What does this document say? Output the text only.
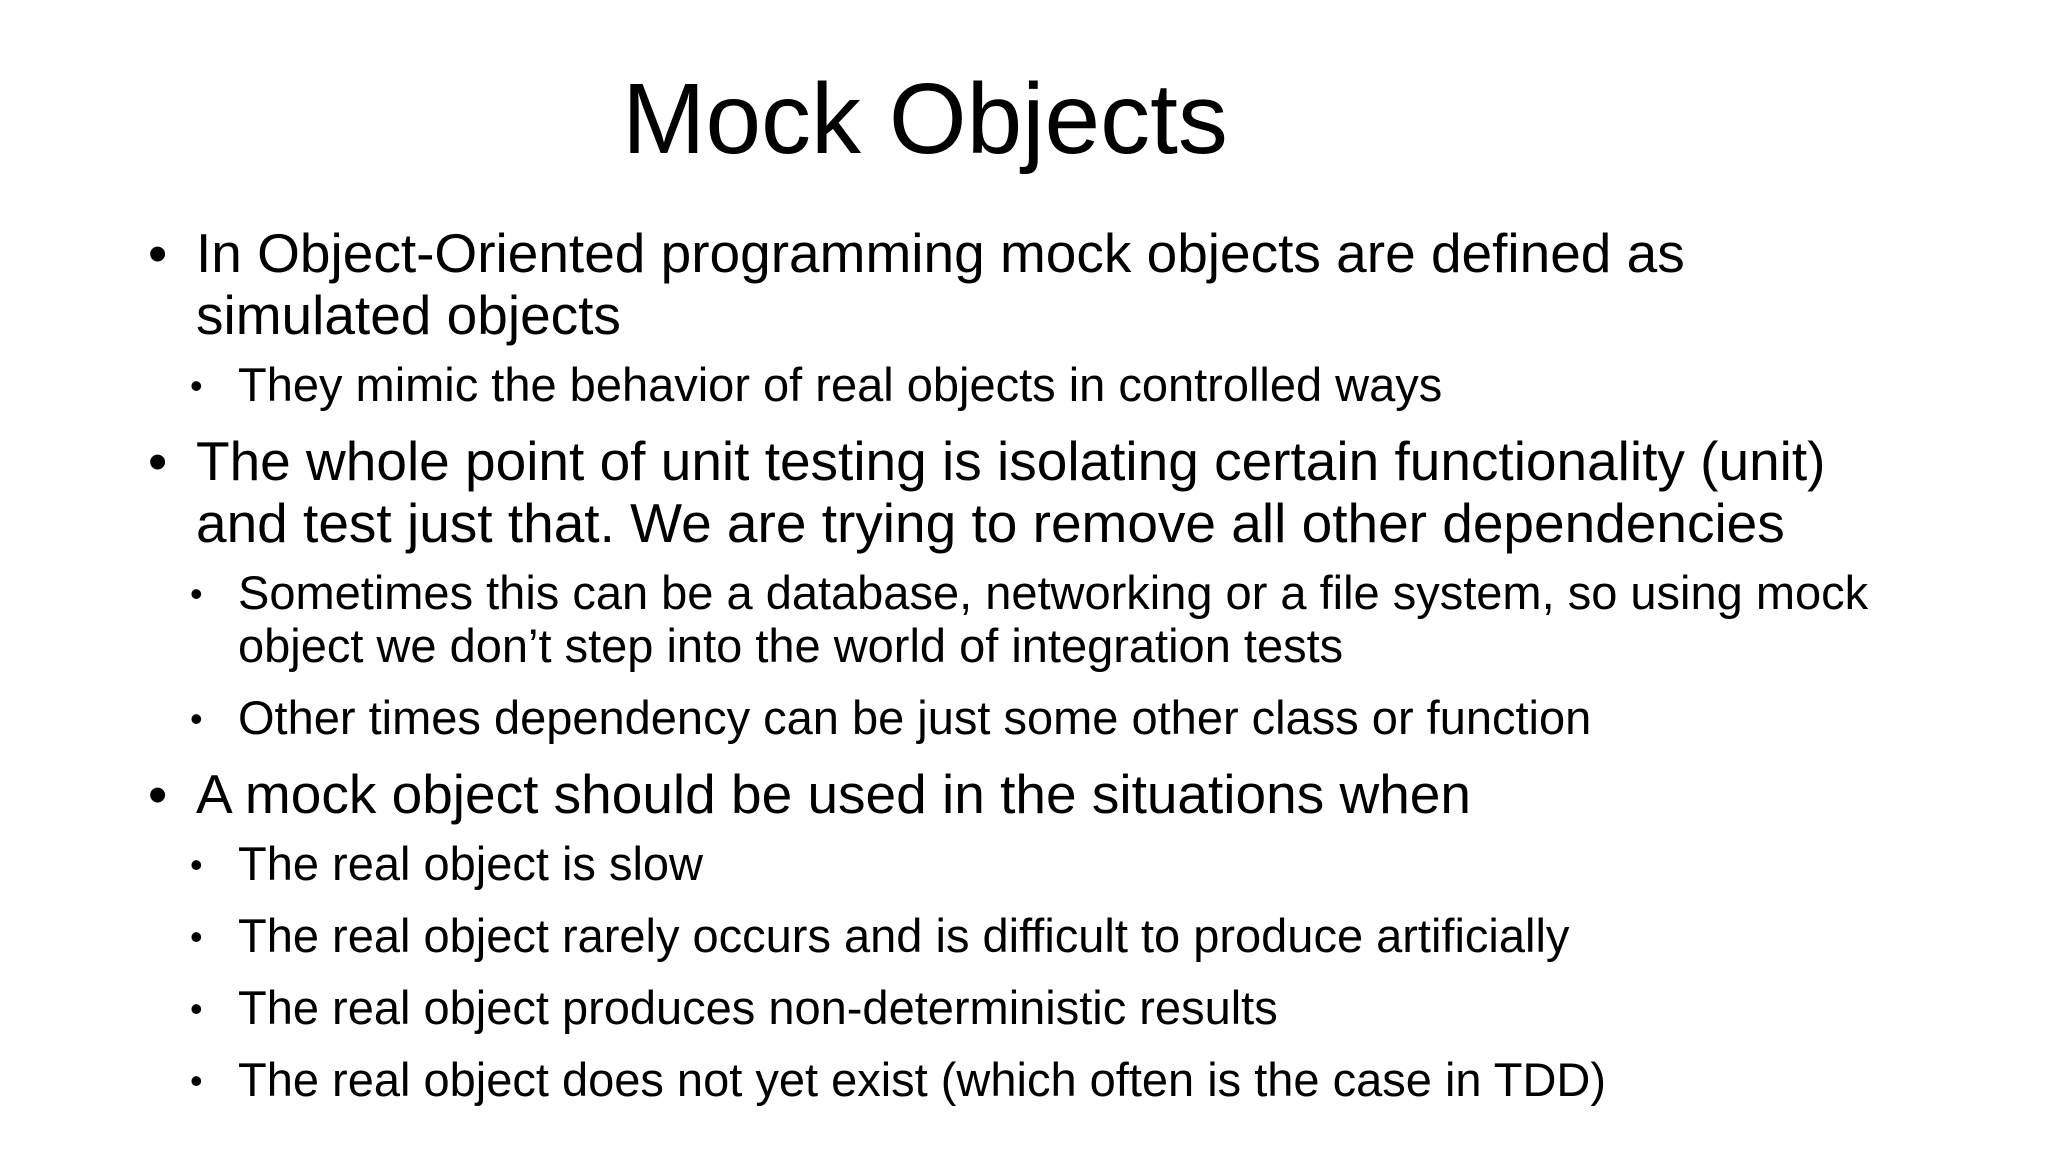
Mock Objects
• In Object-Oriented programming mock objects are defined as simulated objects
• They mimic the behavior of real objects in controlled ways
• The whole point of unit testing is isolating certain functionality (unit) and test just that. We are trying to remove all other dependencies
• Sometimes this can be a database, networking or a file system, so using mock object we don’t step into the world of integration tests
• Other times dependency can be just some other class or function
• A mock object should be used in the situations when
• The real object is slow
• The real object rarely occurs and is difficult to produce artificially
• The real object produces non-deterministic results
• The real object does not yet exist (which often is the case in TDD)
